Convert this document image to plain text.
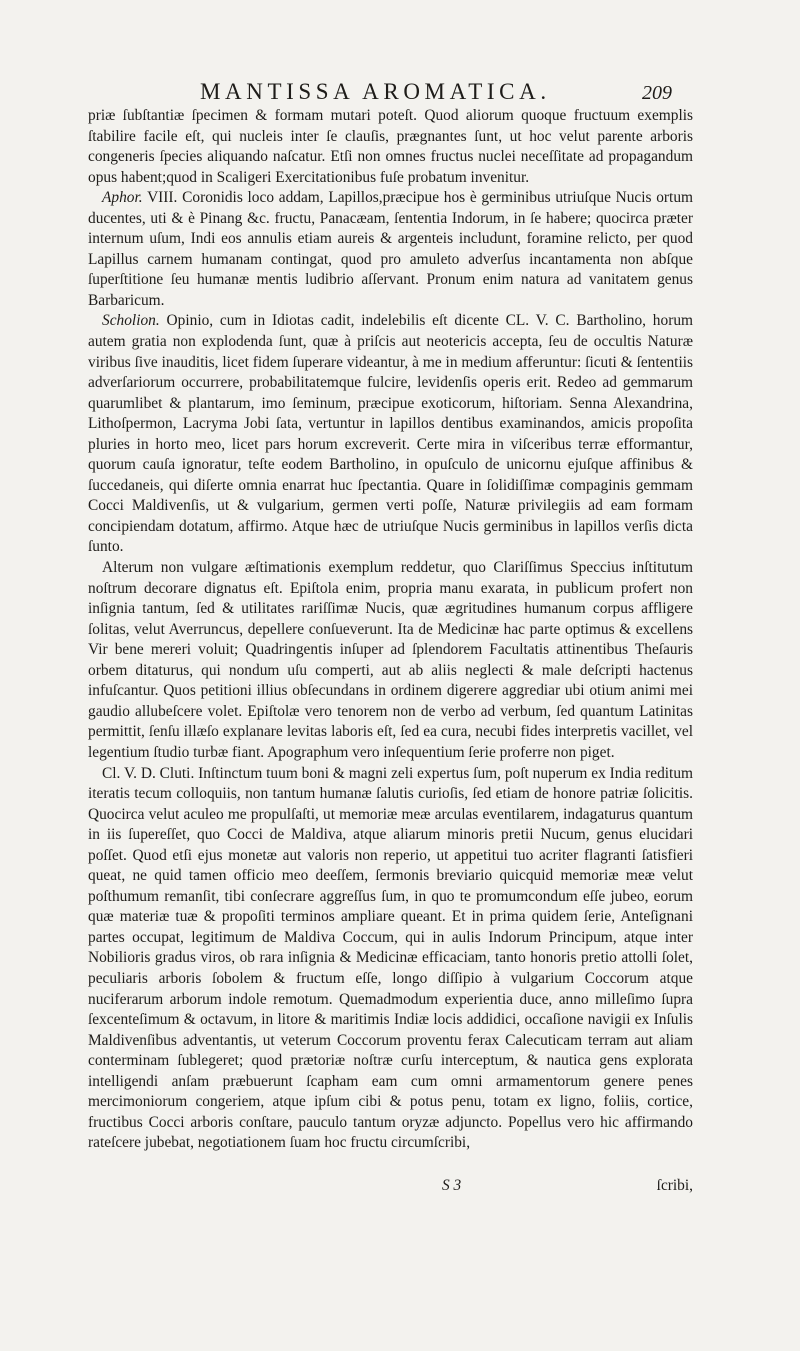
MANTISSA AROMATICA.	209

priæ ſubſtantiæ ſpecimen & formam mutari poteſt. Quod aliorum quoque fructuum exemplis ſtabilire facile eſt, qui nucleis inter ſe clauſis, prægnantes ſunt, ut hoc velut parente arboris congeneris ſpecies aliquando naſcatur. Etſi non omnes fructus nuclei neceſſitate ad propagandum opus habent;quod in Scaligeri Exercitationibus fuſe probatum invenitur.

Aphor. VIII. Coronidis loco addam, Lapillos,præcipue hos è germinibus utriuſque Nucis ortum ducentes, uti & è Pinang &c. fructu, Panacæam, ſententia Indorum, in ſe habere; quocirca præter internum uſum, Indi eos annulis etiam aureis & argenteis includunt, foramine relicto, per quod Lapillus carnem humanam contingat, quod pro amuleto adverſus incantamenta non abſque ſuperſtitione ſeu humanæ mentis ludibrio aſſervant. Pronum enim natura ad vanitatem genus Barbaricum.

Scholion. Opinio, cum in Idiotas cadit, indelebilis eſt dicente CL. V. C. Bartholino, horum autem gratia non explodenda ſunt, quæ à priſcis aut neotericis accepta, ſeu de occultis Naturæ viribus ſive inauditis, licet fidem ſuperare videantur, à me in medium afferuntur: ſicuti & ſententiis adverſariorum occurrere, probabilitatemque fulcire, levidenſis operis erit. Redeo ad gemmarum quarumlibet & plantarum, imo ſeminum, præcipue exoticorum, hiſtoriam. Senna Alexandrina, Lithoſpermon, Lacryma Jobi ſata, vertuntur in lapillos dentibus examinandos, amicis propoſita pluries in horto meo, licet pars horum excreverit. Certe mira in viſceribus terræ efformantur, quorum cauſa ignoratur, teſte eodem Bartholino, in opuſculo de unicornu ejuſque affinibus & ſuccedaneis, qui diſerte omnia enarrat huc ſpectantia. Quare in ſolidiſſimæ compaginis gemmam Cocci Maldivenſis, ut & vulgarium, germen verti poſſe, Naturæ privilegiis ad eam formam concipiendam dotatum, affirmo. Atque hæc de utriuſque Nucis germinibus in lapillos verſis dicta ſunto.

Alterum non vulgare æſtimationis exemplum reddetur, quo Clariſſimus Speccius inſtitutum noſtrum decorare dignatus eſt. Epiſtola enim, propria manu exarata, in publicum profert non inſignia tantum, ſed & utilitates rariſſimæ Nucis, quæ ægritudines humanum corpus affligere ſolitas, velut Averruncus, depellere conſueverunt. Ita de Medicinæ hac parte optimus & excellens Vir bene mereri voluit; Quadringentis inſuper ad ſplendorem Facultatis attinentibus Theſauris orbem ditaturus, qui nondum uſu comperti, aut ab aliis neglecti & male deſcripti hactenus infuſcantur. Quos petitioni illius obſecundans in ordinem digerere aggrediar ubi otium animi mei gaudio allubeſcere volet. Epiſtolæ vero tenorem non de verbo ad verbum, ſed quantum Latinitas permittit, ſenſu illæſo explanare levitas laboris eſt, ſed ea cura, necubi fides interpretis vacillet, vel legentium ſtudio turbæ fiant. Apographum vero inſequentium ſerie proferre non piget.

Cl. V. D. Cluti. Inſtinctum tuum boni & magni zeli expertus ſum, poſt nuperum ex India reditum iteratis tecum colloquiis, non tantum humanæ ſalutis curioſis, ſed etiam de honore patriæ ſolicitis. Quocirca velut aculeo me propulſaſti, ut memoriæ meæ arculas eventilarem, indagaturus quantum in iis ſupereſſet, quo Cocci de Maldiva, atque aliarum minoris pretii Nucum, genus elucidari poſſet. Quod etſi ejus monetæ aut valoris non reperio, ut appetitui tuo acriter flagranti ſatisfieri queat, ne quid tamen officio meo deeſſem, ſermonis breviario quicquid memoriæ meæ velut poſthumum remanſit, tibi conſecrare aggreſſus ſum, in quo te promumcondum eſſe jubeo, eorum quæ materiæ tuæ & propoſiti terminos ampliare queant. Et in prima quidem ſerie, Anteſignani partes occupat, legitimum de Maldiva Coccum, qui in aulis Indorum Principum, atque inter Nobilioris gradus viros, ob rara inſignia & Medicinæ efficaciam, tanto honoris pretio attolli ſolet, peculiaris arboris ſobolem & fructum eſſe, longo diſſipio à vulgarium Coccorum atque nuciferarum arborum indole remotum. Quemadmodum experientia duce, anno milleſimo ſupra ſexcenteſimum & octavum, in litore & maritimis Indiæ locis addidici, occaſione navigii ex Inſulis Maldivenſibus adventantis, ut veterum Coccorum proventu ferax Calecuticam terram aut aliam conterminam ſublegeret; quod prætoriæ noſtræ curſu interceptum, & nautica gens explorata intelligendi anſam præbuerunt ſcapham eam cum omni armamentorum genere penes mercimoniorum congeriem, atque ipſum cibi & potus penu, totam ex ligno, foliis, cortice, fructibus Cocci arboris conſtare, pauculo tantum oryzæ adjuncto. Popellus vero hic affirmando rateſcere jubebat, negotiationem ſuam hoc fructu circumſcribi,

S 3	ſcribi,
